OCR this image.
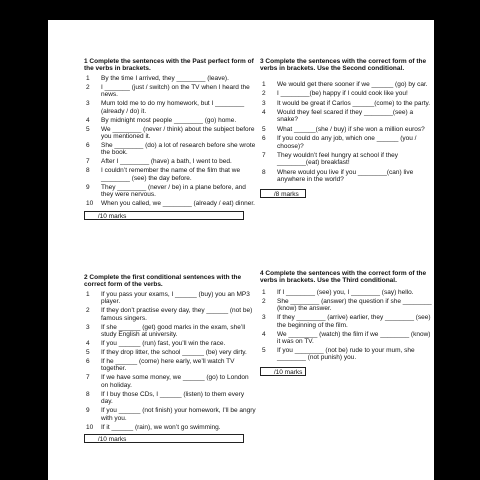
1 Complete the sentences with the Past perfect form of the verbs in brackets.
1	By the time I arrived, they ________ (leave).
2	I _______ (just / switch) on the TV when I heard the news.
3	Mum told me to do my homework, but I ________ (already / do) it.
4	By midnight most people ________ (go) home.
5	We ________ (never / think) about the subject before you mentioned it.
6	She ________ (do) a lot of research before she wrote the book.
7	After I ________ (have) a bath, I went to bed.
8	I couldn’t remember the name of the film that we ________ (see) the day before.
9	They ________ (never / be) in a plane before, and they were nervous.
10	When you called, we ________ (already / eat) dinner.
___/10 marks
3 Complete the sentences with the correct form of the verbs in brackets. Use the Second conditional.
1	We would get there sooner if we ______ (go) by car.
2	I ________(be) happy if I could cook like you!
3	It would be great if Carlos ______(come) to the party.
4	Would they feel scared if they ________(see) a snake?
5	What ______(she / buy) if she won a million euros?
6	If you could do any job, which one ______ (you / choose)?
7	They wouldn’t feel hungry at school if they ________(eat) breakfast!
8	Where would you live if you ________(can) live anywhere in the world?
___/8 marks
2 Complete the first conditional sentences with the correct form of the verbs.
1	If you pass your exams, I ______ (buy) you an MP3 player.
2	If they don’t practise every day, they ______ (not be) famous singers.
3	If she ______ (get) good marks in the exam, she’ll study English at university.
4	If you ______ (run) fast, you’ll win the race.
5	If they drop litter, the school ______ (be) very dirty.
6	If he ______ (come) here early, we’ll watch TV together.
7	If we have some money, we ______ (go) to London on holiday.
8	If I buy those CDs, I ______ (listen) to them every day.
9	If you ______ (not finish) your homework, I’ll be angry with you.
10	If it ______ (rain), we won’t go swimming.
___/10 marks
4 Complete the sentences with the correct form of the verbs in brackets. Use the Third conditional.
1	If I ________ (see) you, I ________ (say) hello.
2	She ________ (answer) the question if she ________ (know) the answer.
3	If they ________ (arrive) earlier, they ________ (see) the beginning of the film.
4	We ________ (watch) the film if we ________ (know) it was on TV.
5	If you ________ (not be) rude to your mum, she ________ (not punish) you.
___/10 marks
